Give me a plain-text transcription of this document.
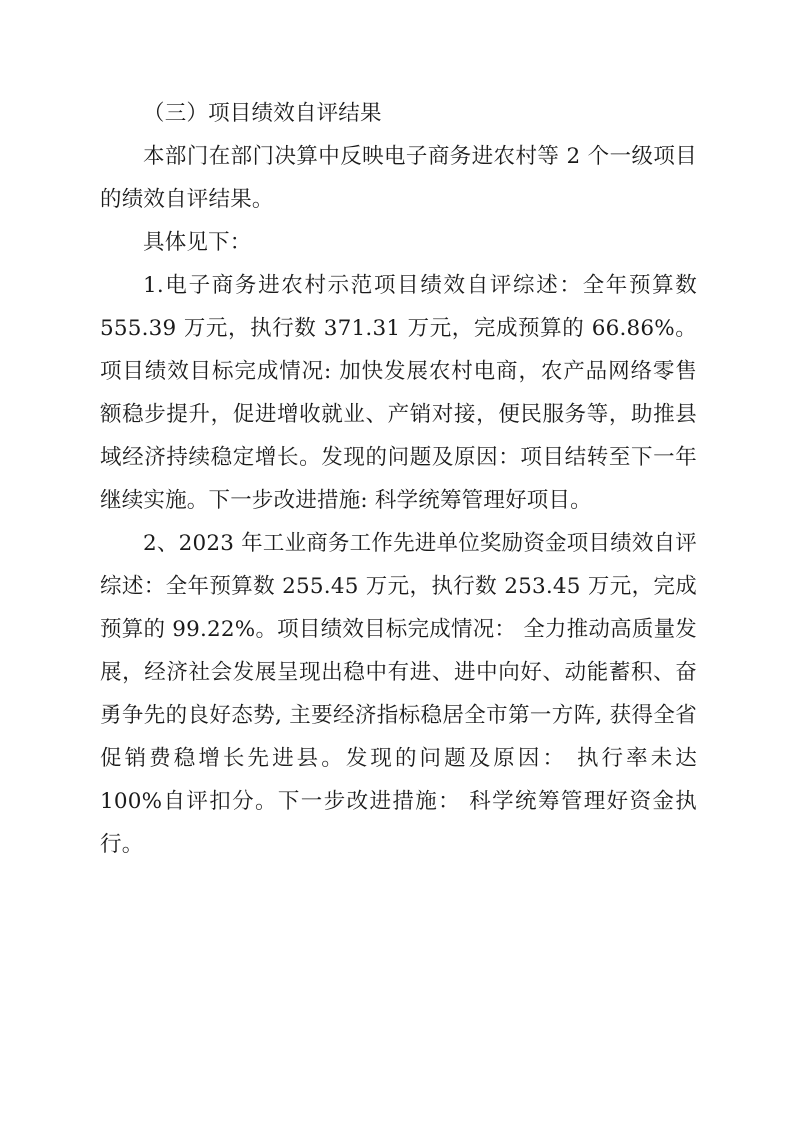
（三）项目绩效自评结果

本部门在部门决算中反映电子商务进农村等 2 个一级项目的绩效自评结果。

具体见下：

1.电子商务进农村示范项目绩效自评综述：全年预算数 555.39 万元，执行数 371.31 万元，完成预算的 66.86%。项目绩效目标完成情况: 加快发展农村电商，农产品网络零售额稳步提升，促进增收就业、产销对接，便民服务等，助推县域经济持续稳定增长。发现的问题及原因：项目结转至下一年继续实施。下一步改进措施: 科学统筹管理好项目。

2、2023 年工业商务工作先进单位奖励资金项目绩效自评综述：全年预算数 255.45 万元，执行数 253.45 万元，完成预算的 99.22%。项目绩效目标完成情况： 全力推动高质量发展，经济社会发展呈现出稳中有进、进中向好、动能蓄积、奋勇争先的良好态势, 主要经济指标稳居全市第一方阵, 获得全省促销费稳增长先进县。发现的问题及原因： 执行率未达 100%自评扣分。下一步改进措施： 科学统筹管理好资金执行。
